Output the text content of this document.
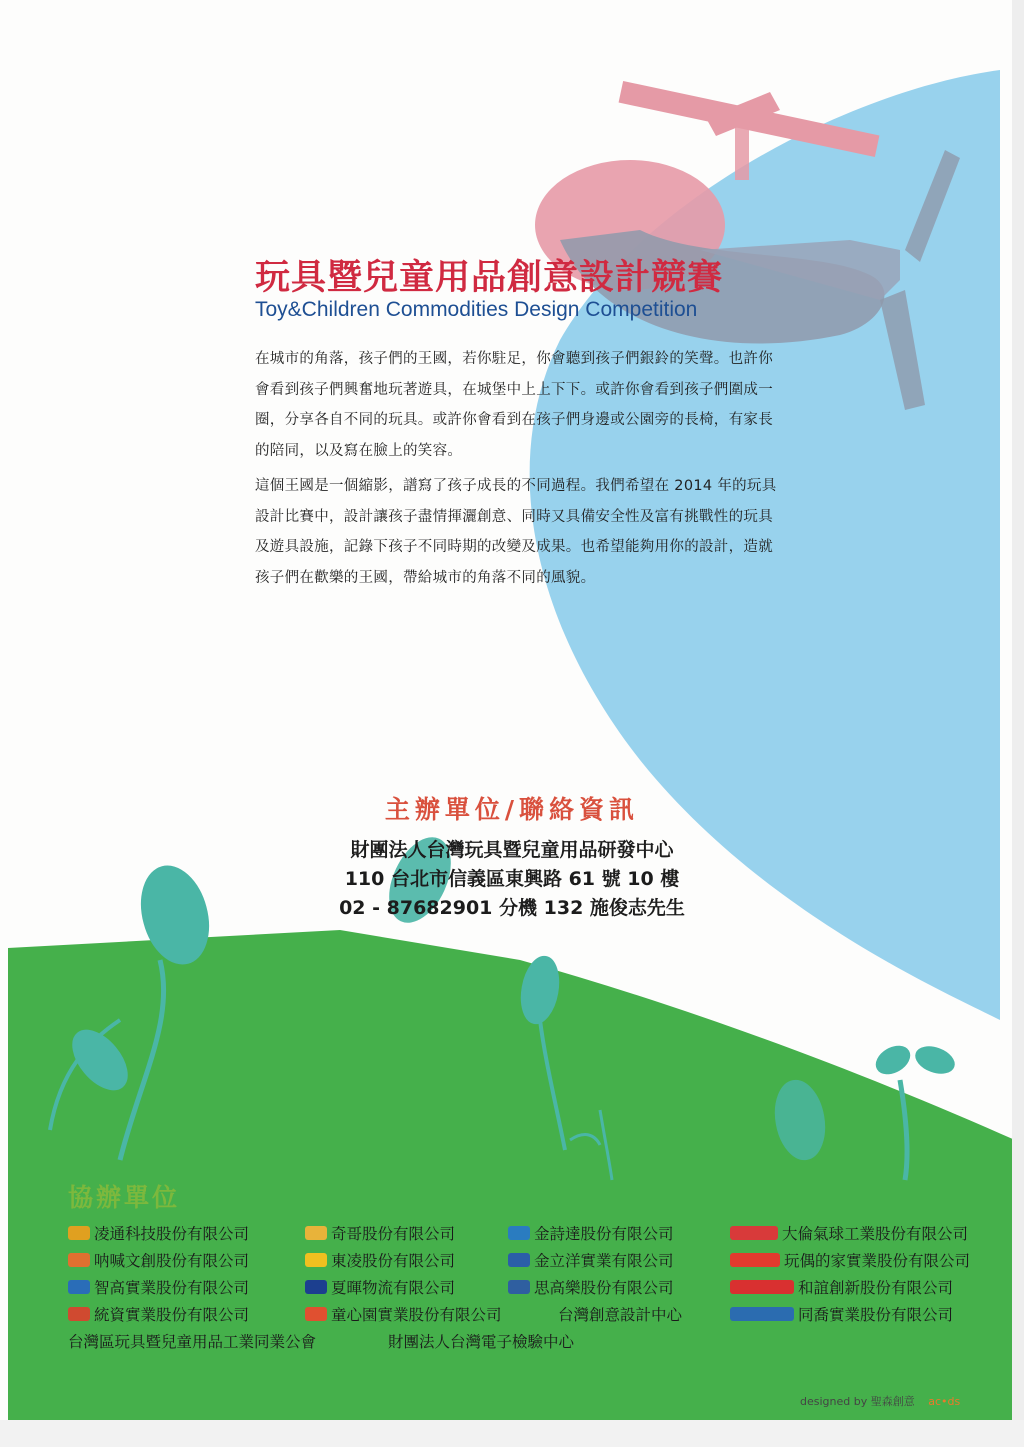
玩具暨兒童用品創意設計競賽
Toy&Children Commodities Design Competition

在城市的角落，孩子們的王國，若你駐足，你會聽到孩子們銀鈴的笑聲。也許你會看到孩子們興奮地玩著遊具，在城堡中上上下下。或許你會看到孩子們圍成一圈，分享各自不同的玩具。或許你會看到在孩子們身邊或公園旁的長椅，有家長的陪同，以及寫在臉上的笑容。

這個王國是一個縮影，譜寫了孩子成長的不同過程。我們希望在 2014 年的玩具設計比賽中，設計讓孩子盡情揮灑創意、同時又具備安全性及富有挑戰性的玩具及遊具設施，記錄下孩子不同時期的改變及成果。也希望能夠用你的設計，造就孩子們在歡樂的王國，帶給城市的角落不同的風貌。

主辦單位/聯絡資訊
財團法人台灣玩具暨兒童用品研發中心
110 台北市信義區東興路 61 號 10 樓
02 - 87682901 分機 132 施俊志先生
協辦單位
凌通科技股份有限公司	奇哥股份有限公司	金詩達股份有限公司	大倫氣球工業股份有限公司
呐喊文創股份有限公司	東凌股份有限公司	金立洋實業有限公司	玩偶的家實業股份有限公司
智高實業股份有限公司	夏暉物流有限公司	思高樂股份有限公司	和誼創新股份有限公司
統資實業股份有限公司	童心園實業股份有限公司	台灣創意設計中心	同喬實業股份有限公司
台灣區玩具暨兒童用品工業同業公會	財團法人台灣電子檢驗中心
designed by 聖森創意 ac•ds
